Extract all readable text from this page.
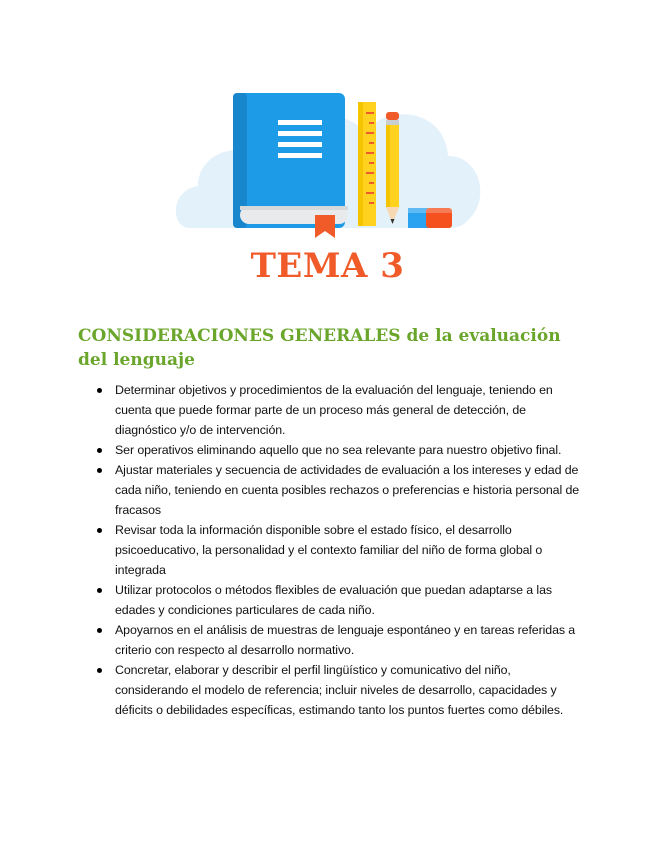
TEMA 3
CONSIDERACIONES GENERALES de la evaluación del lenguaje
Determinar objetivos y procedimientos de la evaluación del lenguaje, teniendo en cuenta que puede formar parte de un proceso más general de detección, de diagnóstico y/o de intervención.
Ser operativos eliminando aquello que no sea relevante para nuestro objetivo final.
Ajustar materiales y secuencia de actividades de evaluación a los intereses y edad de cada niño, teniendo en cuenta posibles rechazos o preferencias e historia personal de fracasos
Revisar toda la información disponible sobre el estado físico, el desarrollo psicoeducativo, la personalidad y el contexto familiar del niño de forma global o integrada
Utilizar protocolos o métodos flexibles de evaluación que puedan adaptarse a las edades y condiciones particulares de cada niño.
Apoyarnos en el análisis de muestras de lenguaje espontáneo y en tareas referidas a criterio con respecto al desarrollo normativo.
Concretar, elaborar y describir el perfil lingüístico y comunicativo del niño, considerando el modelo de referencia; incluir niveles de desarrollo, capacidades y déficits o debilidades específicas, estimando tanto los puntos fuertes como débiles.
